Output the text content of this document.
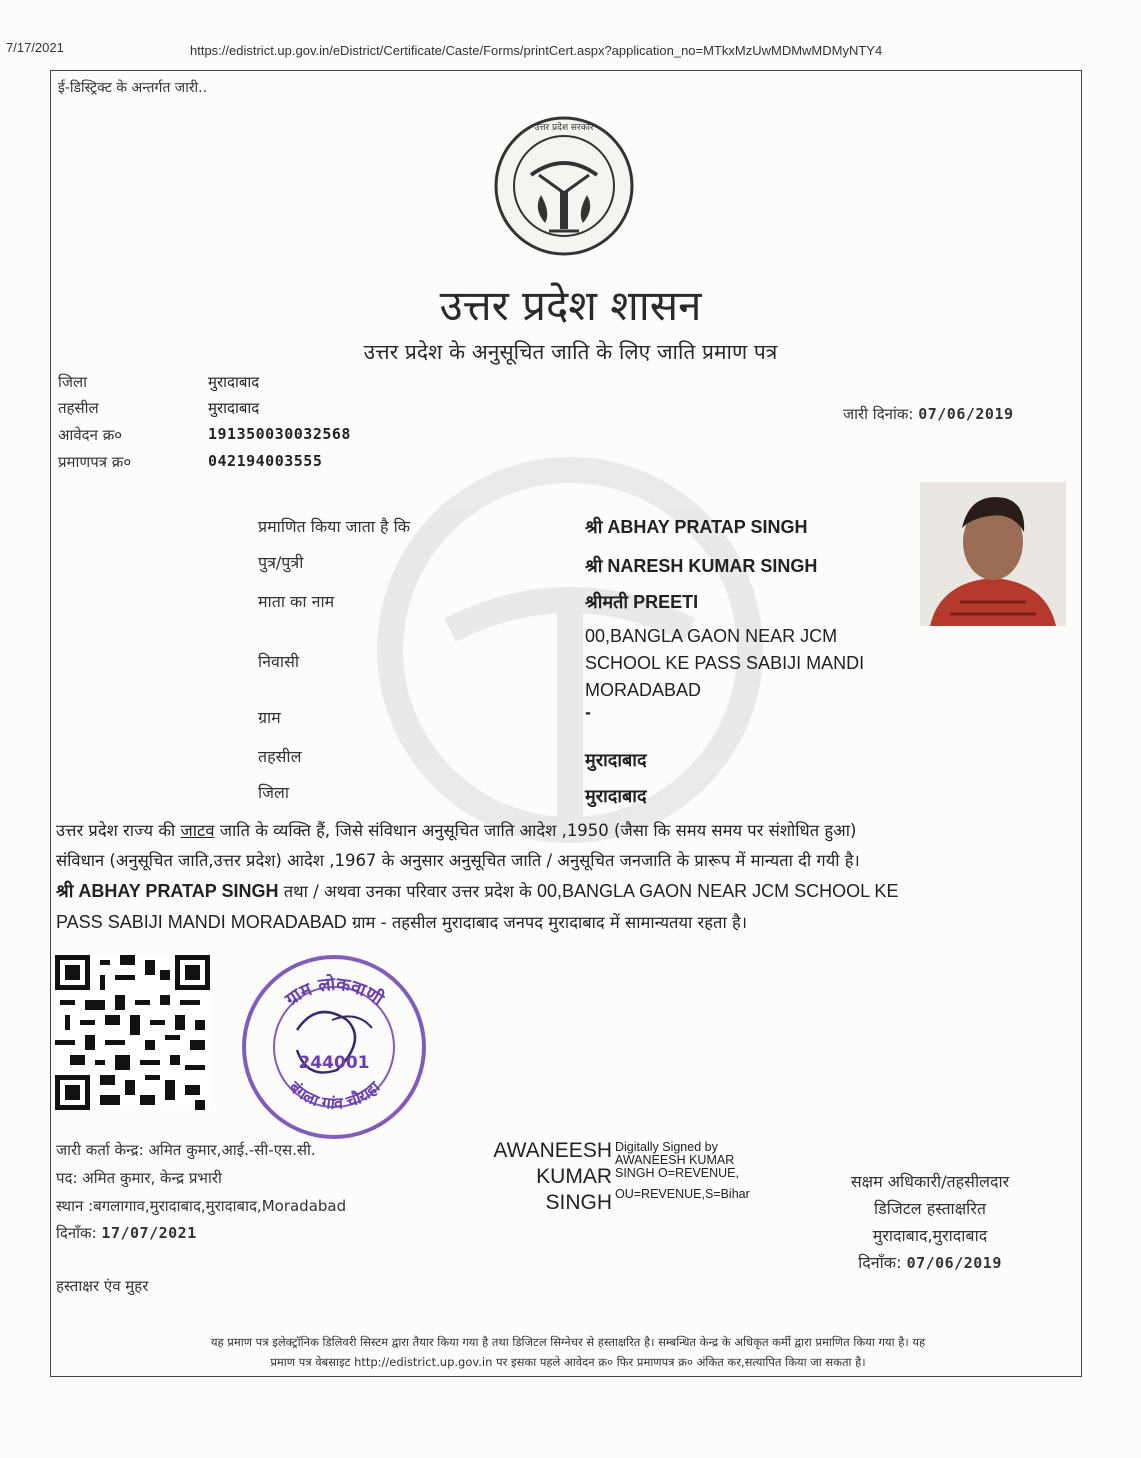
7/17/2021	https://edistrict.up.gov.in/eDistrict/Certificate/Caste/Forms/printCert.aspx?application_no=MTkxMzUwMDMwMDMyNTY4
ई-डिस्ट्रिक्ट के अन्तर्गत जारी..
उत्तर प्रदेश सरकार
उत्तर प्रदेश शासन
उत्तर प्रदेश के अनुसूचित जाति के लिए जाति प्रमाण पत्र
जिला	मुरादाबाद
तहसील	मुरादाबाद
आवेदन क्र०	191350030032568
प्रमाणपत्र क्र०	042194003555
जारी दिनांक: 07/06/2019
प्रमाणित किया जाता है कि	श्री ABHAY PRATAP SINGH
पुत्र/पुत्री	श्री NARESH KUMAR SINGH
माता का नाम	श्रीमती PREETI
निवासी
00,BANGLA GAON NEAR JCM
SCHOOL KE PASS SABIJI MANDI
MORADABAD
ग्राम	-
तहसील	मुरादाबाद
जिला	मुरादाबाद
उत्तर प्रदेश राज्य की जाटव जाति के व्यक्ति हैं, जिसे संविधान अनुसूचित जाति आदेश ,1950 (जैसा कि समय समय पर संशोधित हुआ)
संविधान (अनुसूचित जाति,उत्तर प्रदेश) आदेश ,1967 के अनुसार अनुसूचित जाति / अनुसूचित जनजाति के प्रारूप में मान्यता दी गयी है।
श्री ABHAY PRATAP SINGH तथा / अथवा उनका परिवार उत्तर प्रदेश के 00,BANGLA GAON NEAR JCM SCHOOL KE
PASS SABIJI MANDI MORADABAD ग्राम - तहसील मुरादाबाद जनपद मुरादाबाद में सामान्यतया रहता है।
ग्राम लोकवाणी
बंगला गांव चौराहा
244001
जारी कर्ता केन्द्र: अमित कुमार,आई.-सी-एस.सी.
पद: अमित कुमार, केन्द्र प्रभारी
स्थान :बगलागाव,मुरादाबाद,मुरादाबाद,Moradabad
दिनाँक: 17/07/2021
हस्ताक्षर एंव मुहर
AWANEESH
KUMAR
SINGH
Digitally Signed by
AWANEESH KUMAR
SINGH O=REVENUE,
OU=REVENUE,S=Bihar
सक्षम अधिकारी/तहसीलदार
डिजिटल हस्ताक्षरित
मुरादाबाद,मुरादाबाद
दिनाँक: 07/06/2019
यह प्रमाण पत्र इलेक्ट्रॉनिक डिलिवरी सिस्टम द्वारा तैयार किया गया है तथा डिजिटल सिग्नेचर से हस्ताक्षरित है। सम्बन्धित केन्द्र के अधिकृत कर्मी द्वारा प्रमाणित किया गया है। यह
प्रमाण पत्र वेबसाइट http://edistrict.up.gov.in पर इसका पहले आवेदन क्र० फिर प्रमाणपत्र क्र० अंकित कर,सत्यापित किया जा सकता है।
